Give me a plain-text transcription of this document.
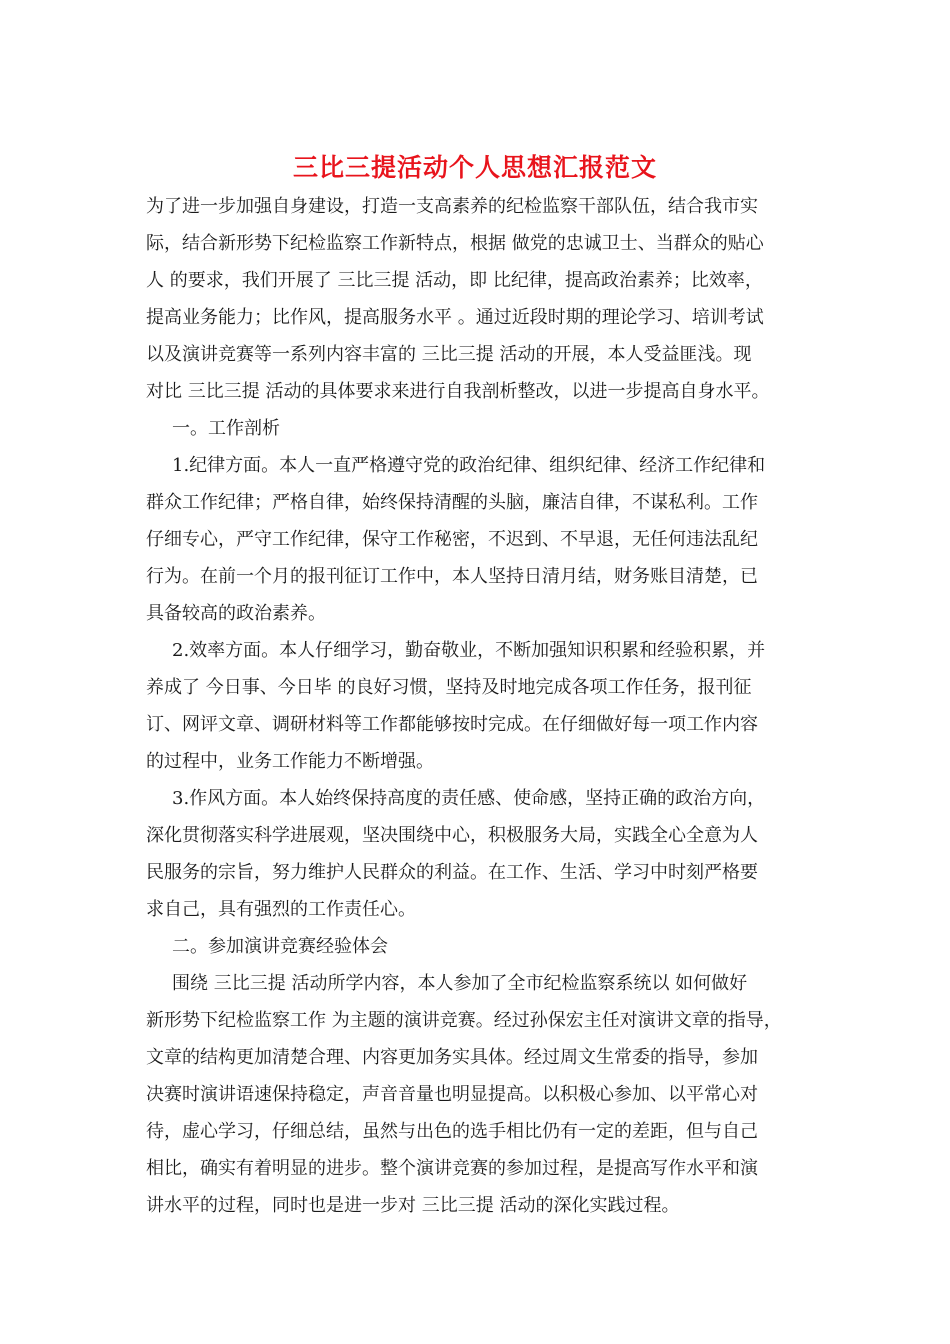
三比三提活动个人思想汇报范文
为了进一步加强自身建设，打造一支高素养的纪检监察干部队伍，结合我市实
际，结合新形势下纪检监察工作新特点，根据 做党的忠诚卫士、当群众的贴心
人 的要求，我们开展了 三比三提 活动，即 比纪律，提高政治素养；比效率，
提高业务能力；比作风，提高服务水平 。通过近段时期的理论学习、培训考试
以及演讲竞赛等一系列内容丰富的 三比三提 活动的开展，本人受益匪浅。现
对比 三比三提 活动的具体要求来进行自我剖析整改，以进一步提高自身水平。
一。工作剖析
1.纪律方面。本人一直严格遵守党的政治纪律、组织纪律、经济工作纪律和
群众工作纪律；严格自律，始终保持清醒的头脑，廉洁自律，不谋私利。工作
仔细专心，严守工作纪律，保守工作秘密，不迟到、不早退，无任何违法乱纪
行为。在前一个月的报刊征订工作中，本人坚持日清月结，财务账目清楚，已
具备较高的政治素养。
2.效率方面。本人仔细学习，勤奋敬业，不断加强知识积累和经验积累，并
养成了 今日事、今日毕 的良好习惯，坚持及时地完成各项工作任务，报刊征
订、网评文章、调研材料等工作都能够按时完成。在仔细做好每一项工作内容
的过程中，业务工作能力不断增强。
3.作风方面。本人始终保持高度的责任感、使命感，坚持正确的政治方向，
深化贯彻落实科学进展观，坚决围绕中心，积极服务大局，实践全心全意为人
民服务的宗旨，努力维护人民群众的利益。在工作、生活、学习中时刻严格要
求自己，具有强烈的工作责任心。
二。参加演讲竞赛经验体会
围绕 三比三提 活动所学内容，本人参加了全市纪检监察系统以 如何做好
新形势下纪检监察工作 为主题的演讲竞赛。经过孙保宏主任对演讲文章的指导，
文章的结构更加清楚合理、内容更加务实具体。经过周文生常委的指导，参加
决赛时演讲语速保持稳定，声音音量也明显提高。以积极心参加、以平常心对
待，虚心学习，仔细总结，虽然与出色的选手相比仍有一定的差距，但与自己
相比，确实有着明显的进步。整个演讲竞赛的参加过程，是提高写作水平和演
讲水平的过程，同时也是进一步对 三比三提 活动的深化实践过程。
